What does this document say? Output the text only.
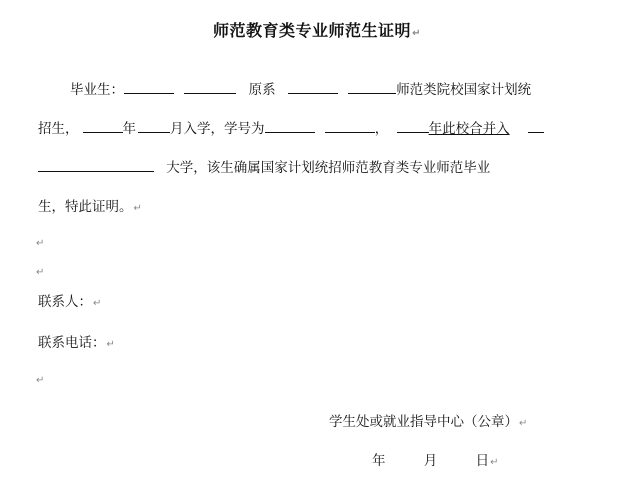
师范教育类专业师范生证明↵
毕业生：	原系	师范类院校国家计划统
招生，	年	月入学，学号为	，	年此校合并入
大学，该生确属国家计划统招师范教育类专业师范毕业
生，特此证明。↵
↵
↵
联系人：↵
联系电话：↵
↵
学生处或就业指导中心（公章）↵
年	月	日↵
